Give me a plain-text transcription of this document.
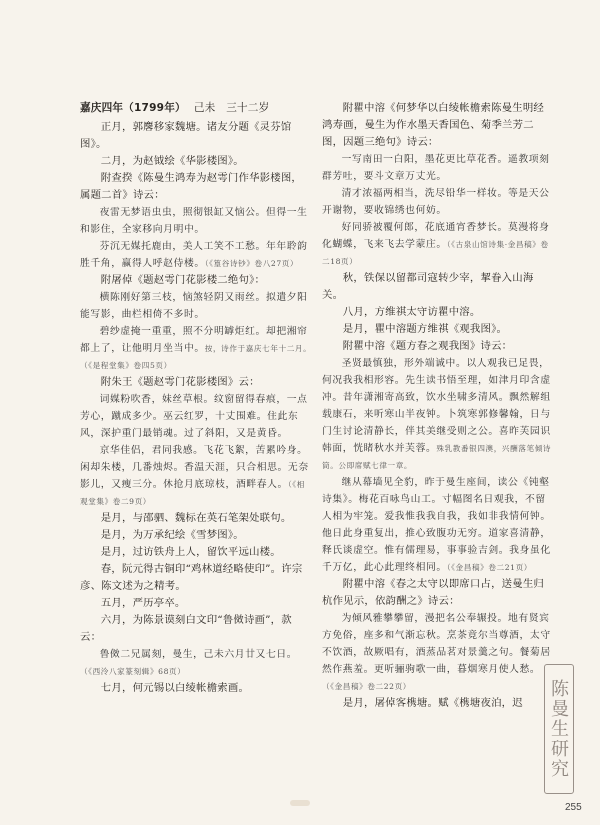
嘉庆四年（1799年） 己未　三十二岁

正月，郭麐移家魏塘。诸友分题《灵芬馆图》。

二月，为赵钺绘《华影楼图》。

附查揆《陈曼生鸿寿为赵雩门作华影楼图，属题二首》诗云：

夜雷无梦语虫虫，照彻银缸又恼公。但得一生和影住，全家移向月明中。

芬沉无媒托鹿由，美人工笑不工愁。年年聆韵胜千角，赢得人呼赵侍楼。（《篁谷诗钞》卷八27页）

附屠倬《题赵雩门花影楼二绝句》：

横陈刚好第三枝，恼煞轻阴又雨丝。拟遣夕阳能写影，曲栏相倚不多时。

碧纱虚掩一重重，照不分明罅炬红。却把湘帘都上了，让他明月坐当中。按，诗作于嘉庆七年十二月。（《是程堂集》卷四5页）

附朱王《题赵雩门花影楼图》云：

词媒粉吹香，妹丝草根。纹窗留得春痕，一点芳心，蹴成多少。巫云红罗，十丈围难。住此东风，深护重门最销魂。过了斜阳，又是黄昏。

京华佳侣，君同我感。飞花飞絮，苦累吟身。闲却朱楼，几番烛烬。香温天涯，只合相思。无奈影儿，又瘦三分。休抢月底琼枝，酒畔春人。（《相观堂集》卷二9页）

是月，与邵驷、魏标在英石笔架处联句。

是月，为万承纪绘《雪梦图》。

是月，过访铁舟上人，留饮平远山楼。

春，阮元得古铜印“鸡林道经略使印”。许宗彦、陈文述为之精考。

五月，严历亭卒。

六月，为陈景谟刻白文印“鲁傚诗画”，款云：

鲁傚二兄属刻，曼生，己未六月廿又七日。（《西泠八家篆刻辑》68页）

七月，何元锡以白绫帐檐索画。

附瞿中溶《何梦华以白绫帐檐索陈曼生明经鸿寿画，曼生为作水墨天香国色、菊季兰芳二图，因题三绝句》诗云：

一写南田一白阳，墨花更比草花香。遥教项刻群芳吐，要斗文章万丈光。

清才浓福两相当，洗尽铅华一样妆。等是天公开谢物，要收锦绣也何妨。

好同骄被覆何郎，花底通宵香梦长。莫漫将身化蝴蝶，飞来飞去学蒙庄。（《古泉山馆诗集·金昌稿》卷二18页）

秋，铁保以留都司寇转少宰，挈眷入山海关。

八月，方维祺太守访瞿中溶。

是月，瞿中溶题方维祺《观我图》。

附瞿中溶《题方春之观我图》诗云：

圣贤最慎独，形外端诚中。以人观我已足畏，何况我我相形容。先生读书悟至理，如津月印含虚冲。昔年潇湘寄高致，饮水坐啸多清风。飘然解组载康石，来听寒山半夜钟。卜筑寒郭修馨翰，日与门生讨论清静长，伴其美继受则之公。喜昨芙园识韩面，恍睹秋水并芙蓉。殊乳教番银四澳，兴酬落笔倾诗筒。公即席赋七律一章。

继从幕墙见全豹，昨于曼生座间，读公《钝壑诗集》。梅花百咏鸟山工。寸幅图名日观我，不留人相为牢笼。爱我惟我我自我，我如非我情何钟。他日此身重复出，推心致腹功无穷。道家喜清静，释氏谈虚空。惟有儒理易，事事验吉剑。我身虽化千万亿，此心此理终相同。（《金昌稿》卷二21页）

附瞿中溶《春之太守以即席口占，送曼生归杭作见示，依韵酬之》诗云：

为倾风雅攀攀留，漫把名公奉辗投。地有贤宾方免俗，座多和气渐忘秋。烹茶竟尔当尊酒，太守不饮酒，故厥唱有，酒蒸品茗对景羹之句。餐菊居然作燕羞。更听骊驹歌一曲，暮烟寒月使人愁。（《金昌稿》卷二22页）

是月，屠倬客槜塘。赋《槜塘夜泊，迟	陈曼生研究
255
